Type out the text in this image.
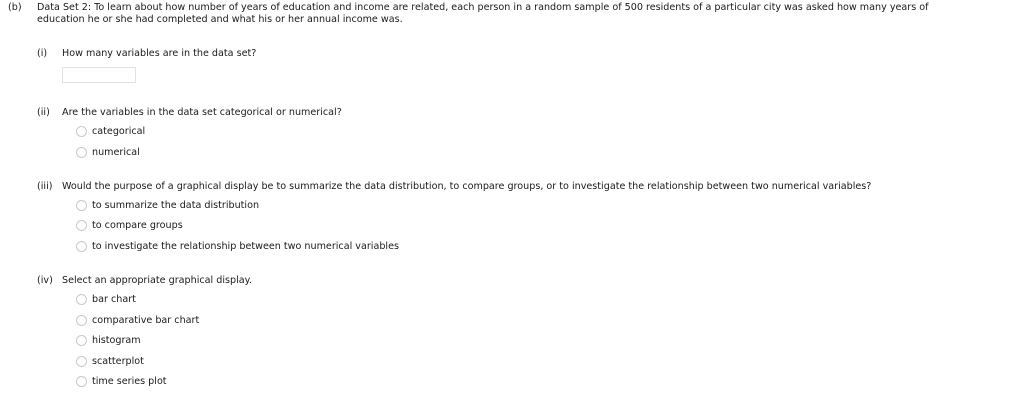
(b) Data Set 2: To learn about how number of years of education and income are related, each person in a random sample of 500 residents of a particular city was asked how many years of
education he or she had completed and what his or her annual income was.
(i) How many variables are in the data set?
(ii) Are the variables in the data set categorical or numerical?
categorical
numerical
(iii) Would the purpose of a graphical display be to summarize the data distribution, to compare groups, or to investigate the relationship between two numerical variables?
to summarize the data distribution
to compare groups
to investigate the relationship between two numerical variables
(iv) Select an appropriate graphical display.
bar chart
comparative bar chart
histogram
scatterplot
time series plot
